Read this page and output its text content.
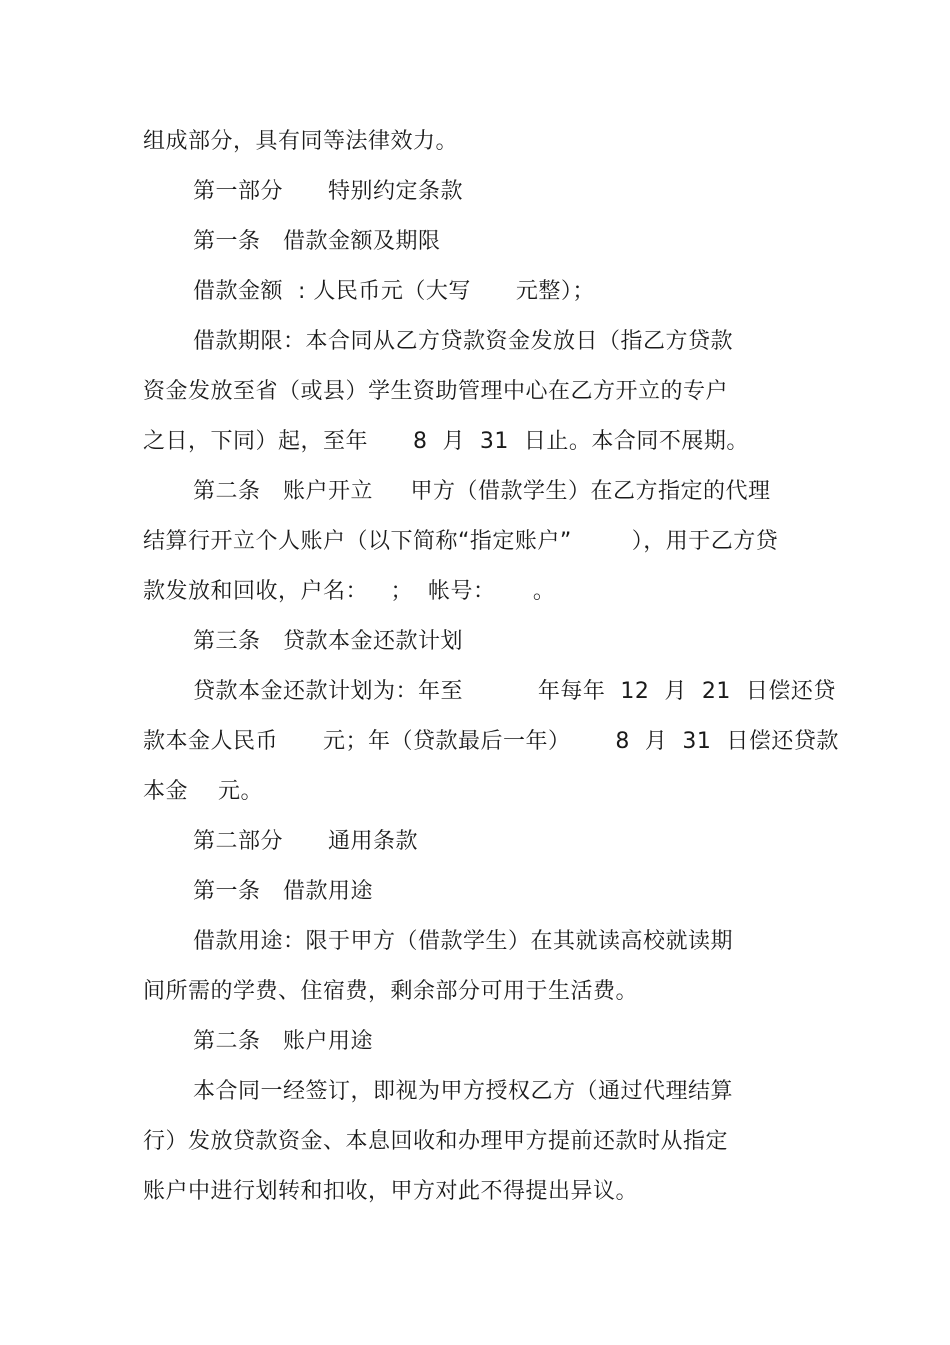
组成部分，具有同等法律效力。
第一部分      特别约定条款
第一条   借款金额及期限
借款金额  : 人民币元（大写      元整）；
借款期限：本合同从乙方贷款资金发放日（指乙方贷款
资金发放至省（或县）学生资助管理中心在乙方开立的专户
之日，下同）起，至年      8  月  31  日止。本合同不展期。
第二条   账户开立     甲方（借款学生）在乙方指定的代理
结算行开立个人账户（以下简称“指定账户”        ），用于乙方贷
款发放和回收，户名：   ；  帐号：     。
第三条   贷款本金还款计划
贷款本金还款计划为：年至          年每年  12  月  21  日偿还贷
款本金人民币      元；年（贷款最后一年）      8  月  31  日偿还贷款
本金    元。
第二部分      通用条款
第一条   借款用途
借款用途：限于甲方（借款学生）在其就读高校就读期
间所需的学费、住宿费，剩余部分可用于生活费。
第二条   账户用途
本合同一经签订，即视为甲方授权乙方（通过代理结算
行）发放贷款资金、本息回收和办理甲方提前还款时从指定
账户中进行划转和扣收，甲方对此不得提出异议。
